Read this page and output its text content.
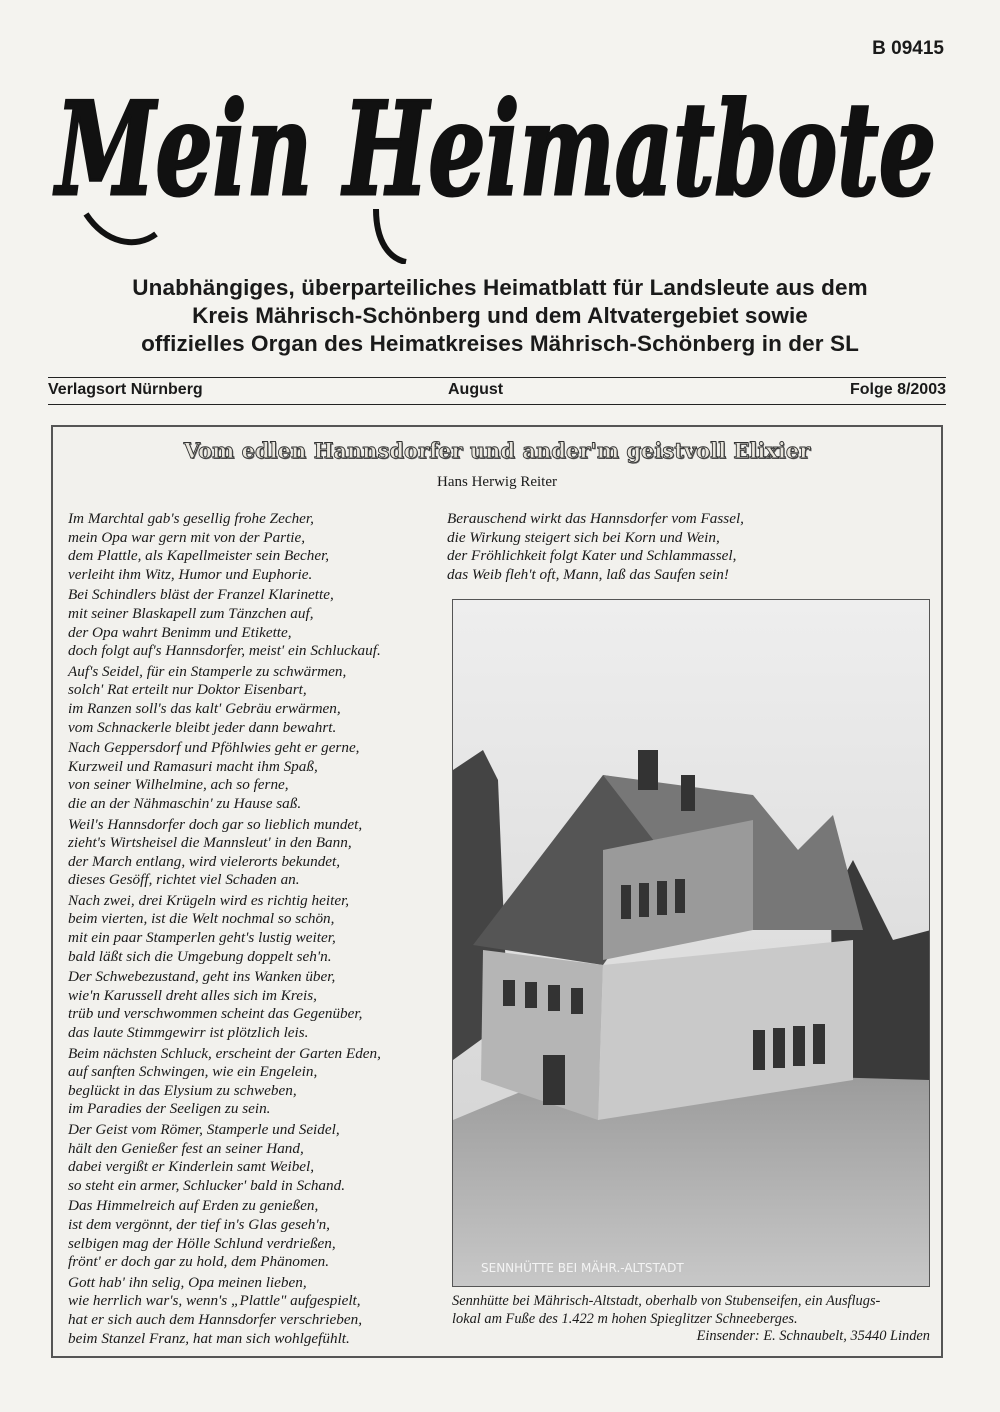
B 09415
Mein Heimatbote
Unabhängiges, überparteiliches Heimatblatt für Landsleute aus dem
Kreis Mährisch-Schönberg und dem Altvatergebiet sowie
offizielles Organ des Heimatkreises Mährisch-Schönberg in der SL
Verlagsort Nürnberg	August	Folge 8/2003
Vom edlen Hannsdorfer und ander'm geistvoll Elixier
Hans Herwig Reiter
Im Marchtal gab's gesellig frohe Zecher,
mein Opa war gern mit von der Partie,
dem Plattle, als Kapellmeister sein Becher,
verleiht ihm Witz, Humor und Euphorie.
Bei Schindlers bläst der Franzel Klarinette,
mit seiner Blaskapell zum Tänzchen auf,
der Opa wahrt Benimm und Etikette,
doch folgt auf's Hannsdorfer, meist' ein Schluckauf.
Auf's Seidel, für ein Stamperle zu schwärmen,
solch' Rat erteilt nur Doktor Eisenbart,
im Ranzen soll's das kalt' Gebräu erwärmen,
vom Schnackerle bleibt jeder dann bewahrt.
Nach Geppersdorf und Pföhlwies geht er gerne,
Kurzweil und Ramasuri macht ihm Spaß,
von seiner Wilhelmine, ach so ferne,
die an der Nähmaschin' zu Hause saß.
Weil's Hannsdorfer doch gar so lieblich mundet,
zieht's Wirtsheisel die Mannsleut' in den Bann,
der March entlang, wird vielerorts bekundet,
dieses Gesöff, richtet viel Schaden an.
Nach zwei, drei Krügeln wird es richtig heiter,
beim vierten, ist die Welt nochmal so schön,
mit ein paar Stamperlen geht's lustig weiter,
bald läßt sich die Umgebung doppelt seh'n.
Der Schwebezustand, geht ins Wanken über,
wie'n Karussell dreht alles sich im Kreis,
trüb und verschwommen scheint das Gegenüber,
das laute Stimmgewirr ist plötzlich leis.
Beim nächsten Schluck, erscheint der Garten Eden,
auf sanften Schwingen, wie ein Engelein,
beglückt in das Elysium zu schweben,
im Paradies der Seeligen zu sein.
Der Geist vom Römer, Stamperle und Seidel,
hält den Genießer fest an seiner Hand,
dabei vergißt er Kinderlein samt Weibel,
so steht ein armer, Schlucker' bald in Schand.
Das Himmelreich auf Erden zu genießen,
ist dem vergönnt, der tief in's Glas geseh'n,
selbigen mag der Hölle Schlund verdrießen,
frönt' er doch gar zu hold, dem Phänomen.
Gott hab' ihn selig, Opa meinen lieben,
wie herrlich war's, wenn's „Plattle" aufgespielt,
hat er sich auch dem Hannsdorfer verschrieben,
beim Stanzel Franz, hat man sich wohlgefühlt.
Berauschend wirkt das Hannsdorfer vom Fassel,
die Wirkung steigert sich bei Korn und Wein,
der Fröhlichkeit folgt Kater und Schlammassel,
das Weib fleh't oft, Mann, laß das Saufen sein!
SENNHÜTTE BEI MÄHR.-ALTSTADT
Sennhütte bei Mährisch-Altstadt, oberhalb von Stubenseifen, ein Ausflugs-
lokal am Fuße des 1.422 m hohen Spieglitzer Schneeberges.
Einsender: E. Schnaubelt, 35440 Linden
